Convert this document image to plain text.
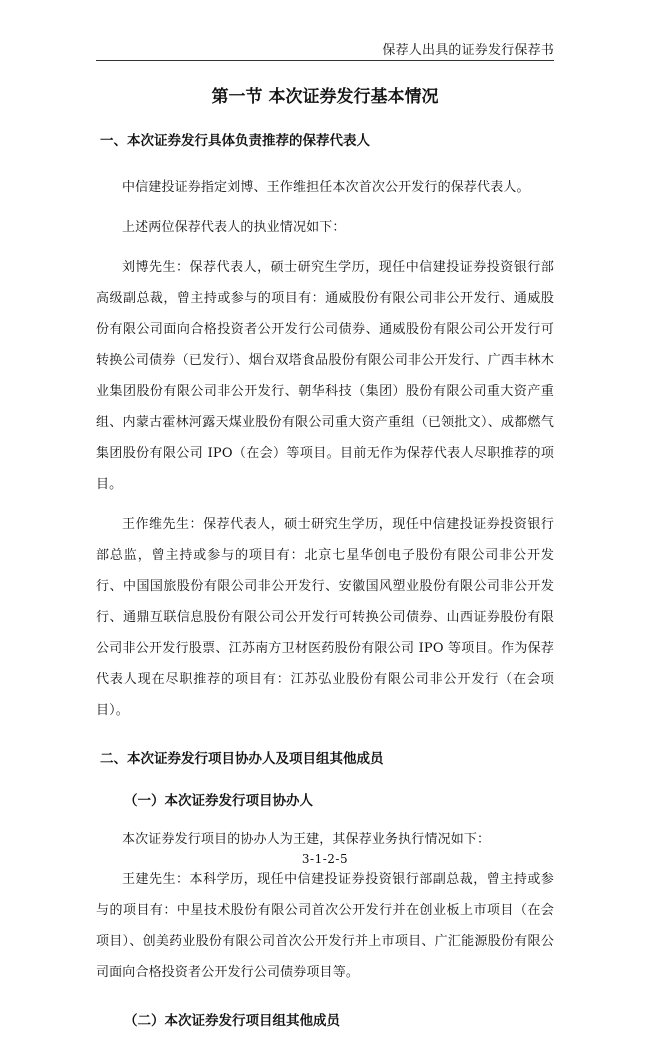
保荐人出具的证券发行保荐书
第一节 本次证券发行基本情况
一、本次证券发行具体负责推荐的保荐代表人

中信建投证券指定刘博、王作维担任本次首次公开发行的保荐代表人。

上述两位保荐代表人的执业情况如下：

刘博先生：保荐代表人，硕士研究生学历，现任中信建投证券投资银行部高级副总裁，曾主持或参与的项目有：通威股份有限公司非公开发行、通威股份有限公司面向合格投资者公开发行公司债券、通威股份有限公司公开发行可转换公司债券（已发行）、烟台双塔食品股份有限公司非公开发行、广西丰林木业集团股份有限公司非公开发行、朝华科技（集团）股份有限公司重大资产重组、内蒙古霍林河露天煤业股份有限公司重大资产重组（已领批文）、成都燃气集团股份有限公司 IPO（在会）等项目。目前无作为保荐代表人尽职推荐的项目。

王作维先生：保荐代表人，硕士研究生学历，现任中信建投证券投资银行部总监，曾主持或参与的项目有：北京七星华创电子股份有限公司非公开发行、中国国旅股份有限公司非公开发行、安徽国风塑业股份有限公司非公开发行、通鼎互联信息股份有限公司公开发行可转换公司债券、山西证券股份有限公司非公开发行股票、江苏南方卫材医药股份有限公司 IPO 等项目。作为保荐代表人现在尽职推荐的项目有：江苏弘业股份有限公司非公开发行（在会项目）。

二、本次证券发行项目协办人及项目组其他成员
（一）本次证券发行项目协办人

本次证券发行项目的协办人为王建，其保荐业务执行情况如下：

王建先生：本科学历，现任中信建投证券投资银行部副总裁，曾主持或参与的项目有：中星技术股份有限公司首次公开发行并在创业板上市项目（在会项目）、创美药业股份有限公司首次公开发行并上市项目、广汇能源股份有限公司面向合格投资者公开发行公司债券项目等。

（二）本次证券发行项目组其他成员
3-1-2-5
